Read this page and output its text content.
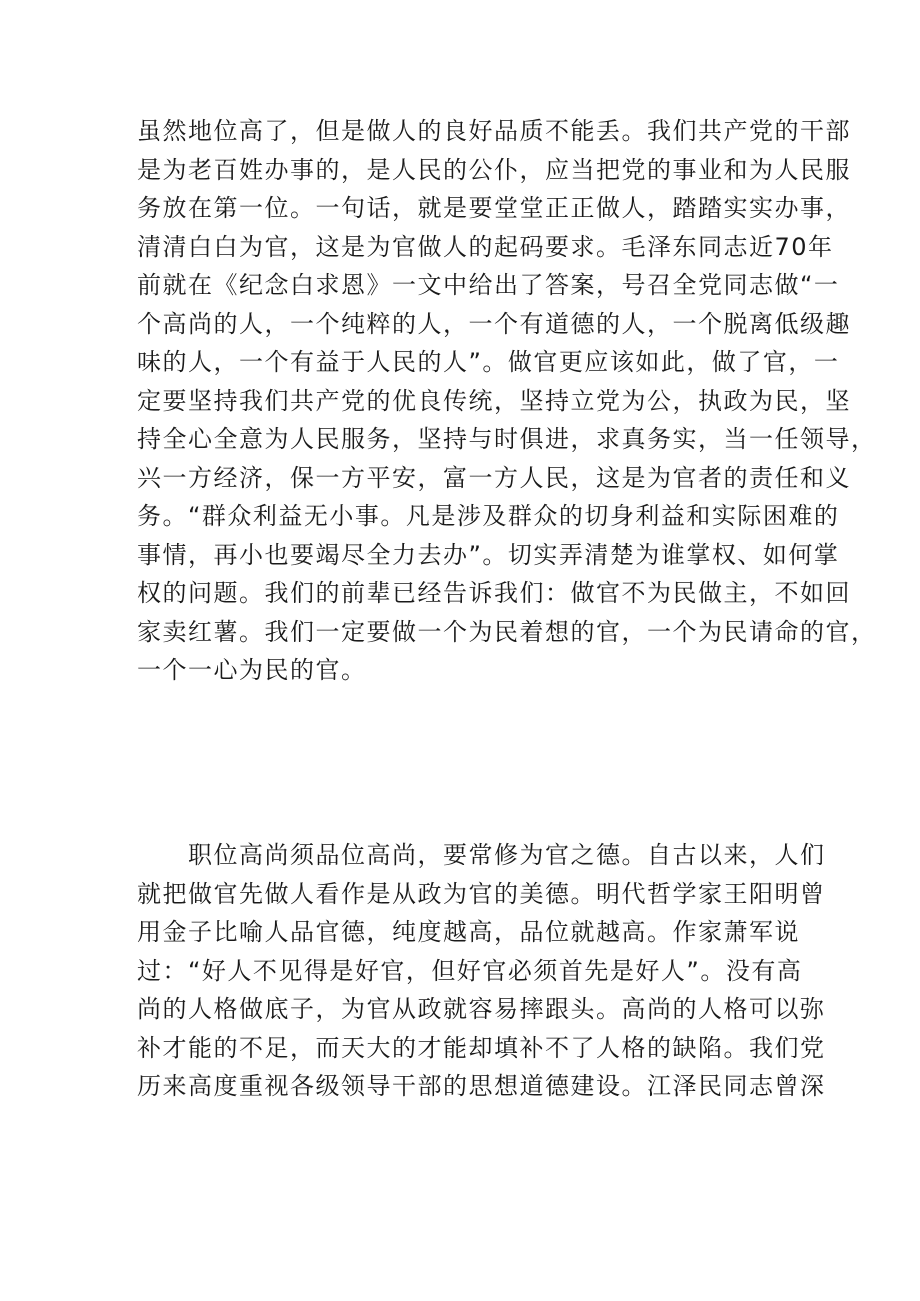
虽然地位高了，但是做人的良好品质不能丢。我们共产党的干部
是为老百姓办事的，是人民的公仆，应当把党的事业和为人民服
务放在第一位。一句话，就是要堂堂正正做人，踏踏实实办事，
清清白白为官，这是为官做人的起码要求。毛泽东同志近70年
前就在《纪念白求恩》一文中给出了答案，号召全党同志做“一
个高尚的人，一个纯粹的人，一个有道德的人，一个脱离低级趣
味的人，一个有益于人民的人”。做官更应该如此，做了官，一
定要坚持我们共产党的优良传统，坚持立党为公，执政为民，坚
持全心全意为人民服务，坚持与时俱进，求真务实，当一任领导，
兴一方经济，保一方平安，富一方人民，这是为官者的责任和义
务。“群众利益无小事。凡是涉及群众的切身利益和实际困难的
事情，再小也要竭尽全力去办”。切实弄清楚为谁掌权、如何掌
权的问题。我们的前辈已经告诉我们：做官不为民做主，不如回
家卖红薯。我们一定要做一个为民着想的官，一个为民请命的官，
一个一心为民的官。
　　职位高尚须品位高尚，要常修为官之德。自古以来，人们
就把做官先做人看作是从政为官的美德。明代哲学家王阳明曾
用金子比喻人品官德，纯度越高，品位就越高。作家萧军说
过：“好人不见得是好官，但好官必须首先是好人”。没有高
尚的人格做底子，为官从政就容易摔跟头。高尚的人格可以弥
补才能的不足，而天大的才能却填补不了人格的缺陷。我们党
历来高度重视各级领导干部的思想道德建设。江泽民同志曾深
